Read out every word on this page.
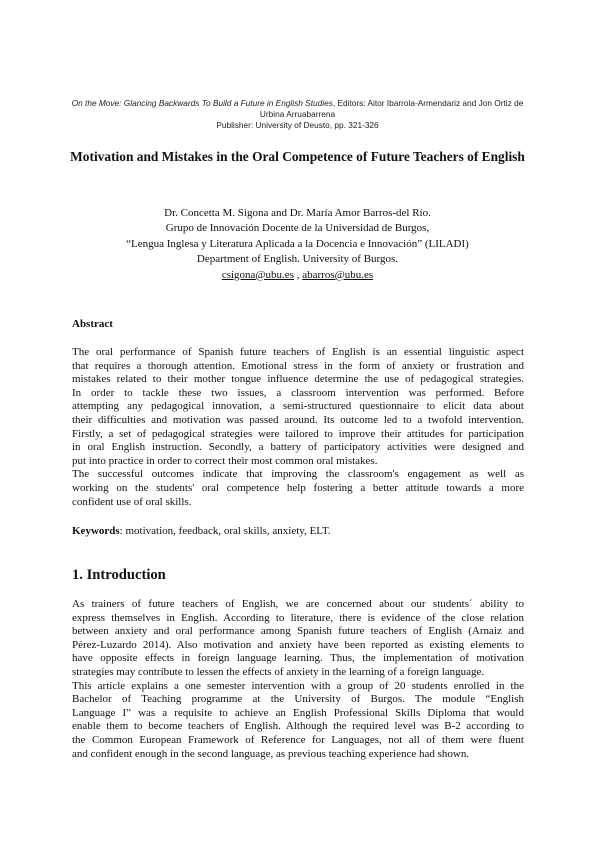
On the Move: Glancing Backwards To Build a Future in English Studies, Editors: Aitor Ibarrola-Armendariz and Jon Ortiz de Urbina Arruabarrena
Publisher: University of Deusto, pp. 321-326
Motivation and Mistakes in the Oral Competence of Future Teachers of English
Dr. Concetta M. Sigona and Dr. María Amor Barros-del Río.
Grupo de Innovación Docente de la Universidad de Burgos,
“Lengua Inglesa y Literatura Aplicada a la Docencia e Innovación” (LILADI)
Department of English. University of Burgos.
csigona@ubu.es , abarros@ubu.es
Abstract
The oral performance of Spanish future teachers of English is an essential linguistic aspect
that requires a thorough attention. Emotional stress in the form of anxiety or frustration and
mistakes related to their mother tongue influence determine the use of pedagogical strategies.
In order to tackle these two issues, a classroom intervention was performed. Before
attempting any pedagogical innovation, a semi-structured questionnaire to elicit data about
their difficulties and motivation was passed around. Its outcome led to a twofold intervention.
Firstly, a set of pedagogical strategies were tailored to improve their attitudes for participation
in oral English instruction. Secondly, a battery of participatory activities were designed and
put into practice in order to correct their most common oral mistakes.
The successful outcomes indicate that improving the classroom's engagement as well as
working on the students' oral competence help fostering a better attitude towards a more
confident use of oral skills.
Keywords: motivation, feedback, oral skills, anxiety, ELT.
1. Introduction
As trainers of future teachers of English, we are concerned about our students´ ability to
express themselves in English. According to literature, there is evidence of the close relation
between anxiety and oral performance among Spanish future teachers of English (Arnaiz and
Pérez-Luzardo 2014). Also motivation and anxiety have been reported as existing elements to
have opposite effects in foreign language learning. Thus, the implementation of motivation
strategies may contribute to lessen the effects of anxiety in the learning of a foreign language.
This article explains a one semester intervention with a group of 20 students enrolled in the
Bachelor of Teaching programme at the University of Burgos. The module “English
Language I” was a requisite to achieve an English Professional Skills Diploma that would
enable them to become teachers of English. Although the required level was B-2 according to
the Common European Framework of Reference for Languages, not all of them were fluent
and confident enough in the second language, as previous teaching experience had shown.
